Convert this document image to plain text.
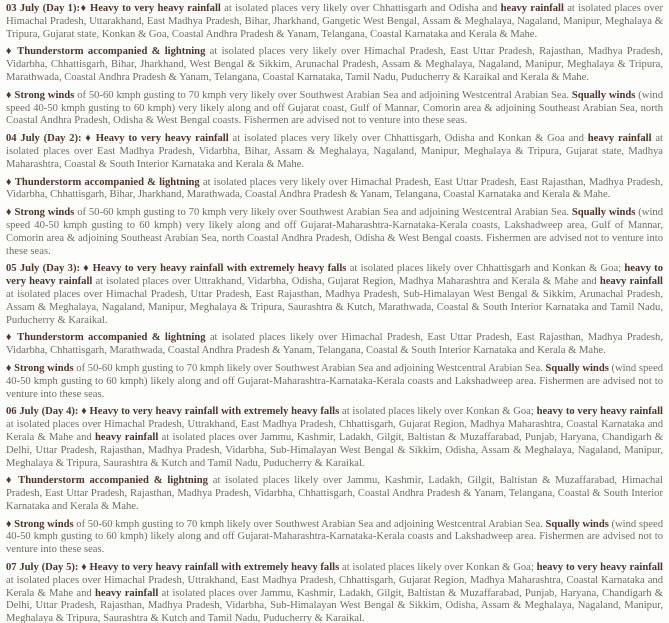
03 July (Day 1):♦ Heavy to very heavy rainfall at isolated places very likely over Chhattisgarh and Odisha and heavy rainfall at isolated places over Himachal Pradesh, Uttarakhand, East Madhya Pradesh, Bihar, Jharkhand, Gangetic West Bengal, Assam & Meghalaya, Nagaland, Manipur, Meghalaya & Tripura, Gujarat state, Konkan & Goa, Coastal Andhra Pradesh & Yanam, Telangana, Coastal Karnataka and Kerala & Mahe.

♦ Thunderstorm accompanied & lightning at isolated places very likely over Himachal Pradesh, East Uttar Pradesh, Rajasthan, Madhya Pradesh, Vidarbha, Chhattisgarh, Bihar, Jharkhand, West Bengal & Sikkim, Arunachal Pradesh, Assam & Meghalaya, Nagaland, Manipur, Meghalaya & Tripura, Marathwada, Coastal Andhra Pradesh & Yanam, Telangana, Coastal Karnataka, Tamil Nadu, Puducherry & Karaikal and Kerala & Mahe.

♦ Strong winds of 50-60 kmph gusting to 70 kmph very likely over Southwest Arabian Sea and adjoining Westcentral Arabian Sea. Squally winds (wind speed 40-50 kmph gusting to 60 kmph) very likely along and off Gujarat coast, Gulf of Mannar, Comorin area & adjoining Southeast Arabian Sea, north Coastal Andhra Pradesh, Odisha & West Bengal coasts. Fishermen are advised not to venture into these seas.

04 July (Day 2): ♦ Heavy to very heavy rainfall at isolated places very likely over Chhattisgarh, Odisha and Konkan & Goa and heavy rainfall at isolated places over East Madhya Pradesh, Vidarbha, Bihar, Assam & Meghalaya, Nagaland, Manipur, Meghalaya & Tripura, Gujarat state, Madhya Maharashtra, Coastal & South Interior Karnataka and Kerala & Mahe.

♦ Thunderstorm accompanied & lightning at isolated places very likely over Himachal Pradesh, East Uttar Pradesh, East Rajasthan, Madhya Pradesh, Vidarbha, Chhattisgarh, Bihar, Jharkhand, Marathwada, Coastal Andhra Pradesh & Yanam, Telangana, Coastal Karnataka and Kerala & Mahe.

♦ Strong winds of 50-60 kmph gusting to 70 kmph very likely over Southwest Arabian Sea and adjoining Westcentral Arabian Sea. Squally winds (wind speed 40-50 kmph gusting to 60 kmph) very likely along and off Gujarat-Maharashtra-Karnataka-Kerala coasts, Lakshadweep area, Gulf of Mannar, Comorin area & adjoining Southeast Arabian Sea, north Coastal Andhra Pradesh, Odisha & West Bengal coasts. Fishermen are advised not to venture into these seas.

05 July (Day 3): ♦ Heavy to very heavy rainfall with extremely heavy falls at isolated places likely over Chhattisgarh and Konkan & Goa; heavy to very heavy rainfall at isolated places over Uttrakhand, Vidarbha, Odisha, Gujarat Region, Madhya Maharashtra and Kerala & Mahe and heavy rainfall at isolated places over Himachal Pradesh, Uttar Pradesh, East Rajasthan, Madhya Pradesh, Sub-Himalayan West Bengal & Sikkim, Arunachal Pradesh, Assam & Meghalaya, Nagaland, Manipur, Meghalaya & Tripura, Saurashtra & Kutch, Marathwada, Coastal & South Interior Karnataka and Tamil Nadu, Puducherry & Karaikal.

♦ Thunderstorm accompanied & lightning at isolated places likely over Himachal Pradesh, East Uttar Pradesh, East Rajasthan, Madhya Pradesh, Vidarbha, Chhattisgarh, Marathwada, Coastal Andhra Pradesh & Yanam, Telangana, Coastal & South Interior Karnataka and Kerala & Mahe.

♦ Strong winds of 50-60 kmph gusting to 70 kmph likely over Southwest Arabian Sea and adjoining Westcentral Arabian Sea. Squally winds (wind speed 40-50 kmph gusting to 60 kmph) likely along and off Gujarat-Maharashtra-Karnataka-Kerala coasts and Lakshadweep area. Fishermen are advised not to venture into these seas.

06 July (Day 4): ♦ Heavy to very heavy rainfall with extremely heavy falls at isolated places likely over Konkan & Goa; heavy to very heavy rainfall at isolated places over Himachal Pradesh, Uttrakhand, East Madhya Pradesh, Chhattisgarh, Gujarat Region, Madhya Maharashtra, Coastal Karnataka and Kerala & Mahe and heavy rainfall at isolated places over Jammu, Kashmir, Ladakh, Gilgit, Baltistan & Muzaffarabad, Punjab, Haryana, Chandigarh & Delhi, Uttar Pradesh, Rajasthan, Madhya Pradesh, Vidarbha, Sub-Himalayan West Bengal & Sikkim, Odisha, Assam & Meghalaya, Nagaland, Manipur, Meghalaya & Tripura, Saurashtra & Kutch and Tamil Nadu, Puducherry & Karaikal.

♦ Thunderstorm accompanied & lightning at isolated places likely over Jammu, Kashmir, Ladakh, Gilgit, Baltistan & Muzaffarabad, Himachal Pradesh, East Uttar Pradesh, Rajasthan, Madhya Pradesh, Vidarbha, Chhattisgarh, Coastal Andhra Pradesh & Yanam, Telangana, Coastal & South Interior Karnataka and Kerala & Mahe.

♦ Strong winds of 50-60 kmph gusting to 70 kmph likely over Southwest Arabian Sea and adjoining Westcentral Arabian Sea. Squally winds (wind speed 40-50 kmph gusting to 60 kmph) likely along and off Gujarat-Maharashtra-Karnataka-Kerala coasts and Lakshadweep area. Fishermen are advised not to venture into these seas.

07 July (Day 5): ♦ Heavy to very heavy rainfall with extremely heavy falls at isolated places likely over Konkan & Goa; heavy to very heavy rainfall at isolated places over Himachal Pradesh, Uttrakhand, East Madhya Pradesh, Chhattisgarh, Gujarat Region, Madhya Maharashtra, Coastal Karnataka and Kerala & Mahe and heavy rainfall at isolated places over Jammu, Kashmir, Ladakh, Gilgit, Baltistan & Muzaffarabad, Punjab, Haryana, Chandigarh & Delhi, Uttar Pradesh, Rajasthan, Madhya Pradesh, Vidarbha, Sub-Himalayan West Bengal & Sikkim, Odisha, Assam & Meghalaya, Nagaland, Manipur, Meghalaya & Tripura, Saurashtra & Kutch and Tamil Nadu, Puducherry & Karaikal.
